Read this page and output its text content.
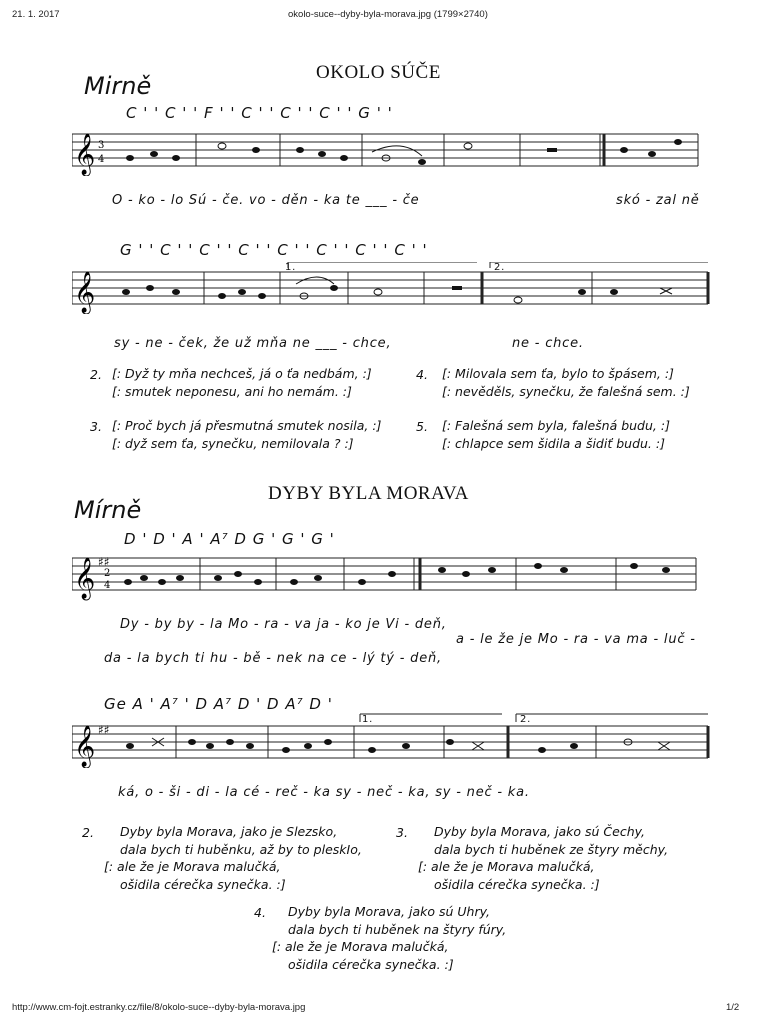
21. 1. 2017	okolo-suce--dyby-byla-morava.jpg (1799×2740)
http://www.cm-fojt.estranky.cz/file/8/okolo-suce--dyby-byla-morava.jpg	1/2
OKOLO SÚČE
Mirně
C ' ' C ' ' F ' ' C ' ' C ' ' C ' ' G ' '
𝄞 3
4
O - ko - lo Sú - če. vo - děn - ka te ___ - če	skó - zal ně
G ' ' C ' ' C ' ' C ' ' C ' ' C ' ' C ' ' C ' '
𝄞
1.	2.
sy - ne - ček, že už mňa ne ___ - chce,	ne - chce.
2. [: Dyž ty mňa nechceš, já o ťa nedbám, :]
[: smutek neponesu, ani ho nemám. :]
3. [: Proč bych já přesmutná smutek nosila, :]
[: dyž sem ťa, synečku, nemilovala ? :]
4. [: Milovala sem ťa, bylo to špásem, :]
[: nevěděls, synečku, že falešná sem. :]
5. [: Falešná sem byla, falešná budu, :]
[: chlapce sem šidila a šidiť budu. :]
DYBY BYLA MORAVA
Mírně
D ' D ' A ' A⁷ D G ' G ' G '
𝄞 ♯♯
2
4
Dy - by by - la Mo - ra - va ja - ko je Vi - deň,
da - la bych ti hu - bě - nek na ce - lý tý - deň,
a - le že je Mo - ra - va ma - luč -
Ge A ' A⁷ ' D A⁷ D ' D A⁷ D '
𝄞 ♯♯
1.	2.
ká, o - ši - di - la cé - reč - ka sy - neč - ka, sy - neč - ka.
2.	Dyby byla Morava, jako je Slezsko,
dala bych ti huběnku, až by to pleskIo,
[: ale že je Morava malučká,
ošidila cérečka synečka. :]
3.	Dyby byla Morava, jako sú Čechy,
dala bych ti huběnek ze štyry měchy,
[: ale že je Morava malučká,
ošidila cérečka synečka. :]
4.	Dyby byla Morava, jako sú Uhry,
dala bych ti huběnek na štyry fúry,
[: ale že je Morava malučká,
ošidila cérečka synečka. :]
